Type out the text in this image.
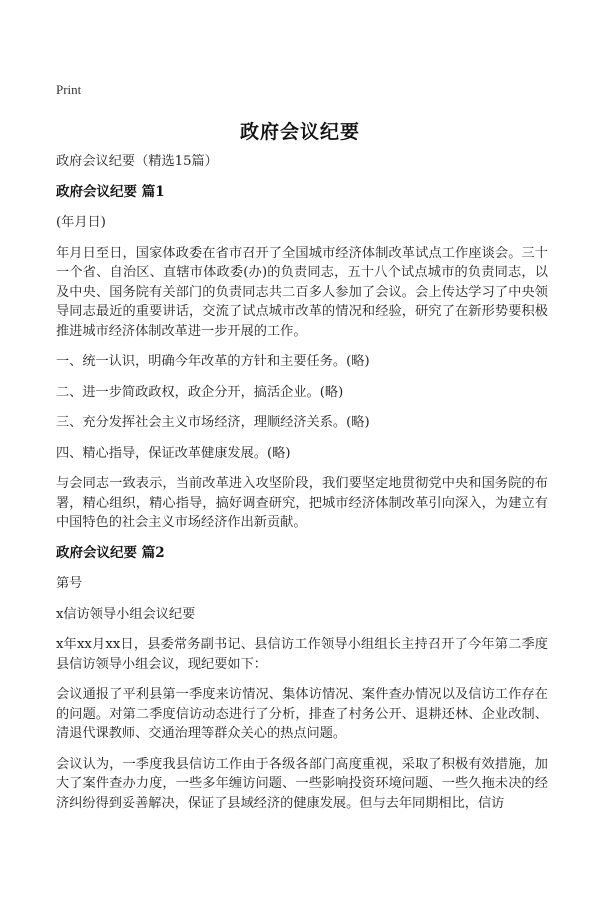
Print
政府会议纪要

政府会议纪要（精选15篇）

政府会议纪要 篇1

(年月日)

年月日至日，国家体政委在省市召开了全国城市经济体制改革试点工作座谈会。三十一个省、自治区、直辖市体政委(办)的负责同志，五十八个试点城市的负责同志，以及中央、国务院有关部门的负责同志共二百多人参加了会议。会上传达学习了中央领导同志最近的重要讲话，交流了试点城市改革的情况和经验，研究了在新形势要积极推进城市经济体制改革进一步开展的工作。

一、统一认识，明确今年改革的方针和主要任务。(略)

二、进一步简政政权，政企分开，搞活企业。(略)

三、充分发挥社会主义市场经济，理顺经济关系。(略)

四、精心指导，保证改革健康发展。(略)

与会同志一致表示，当前改革进入攻坚阶段，我们要坚定地贯彻党中央和国务院的布署，精心组织，精心指导，搞好调查研究，把城市经济体制改革引向深入，为建立有中国特色的社会主义市场经济作出新贡献。

政府会议纪要 篇2

第号

x信访领导小组会议纪要

x年xx月xx日，县委常务副书记、县信访工作领导小组组长主持召开了今年第二季度县信访领导小组会议，现纪要如下：

会议通报了平利县第一季度来访情况、集体访情况、案件查办情况以及信访工作存在的问题。对第二季度信访动态进行了分析，排查了村务公开、退耕还林、企业改制、清退代课教师、交通治理等群众关心的热点问题。

会议认为，一季度我县信访工作由于各级各部门高度重视，采取了积极有效措施，加大了案件查办力度，一些多年缠访问题、一些影响投资环境问题、一些久拖未决的经济纠纷得到妥善解决，保证了县域经济的健康发展。但与去年同期相比，信访
